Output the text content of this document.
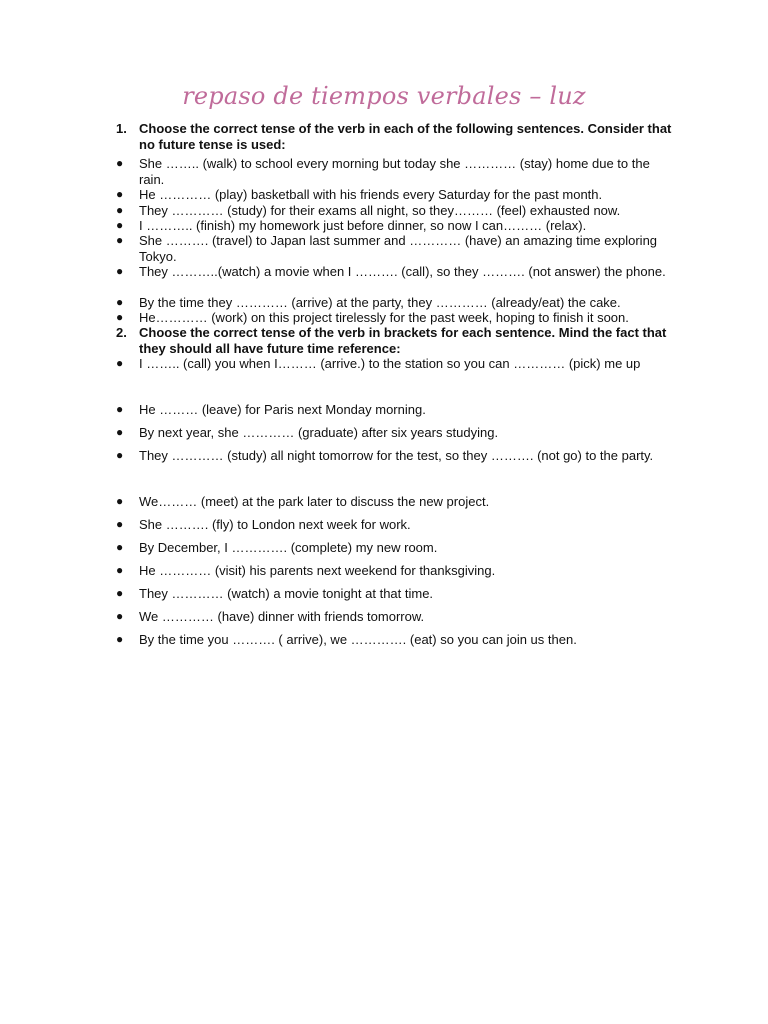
repaso de tiempos verbales – luz
1. Choose the correct tense of the verb in each of the following sentences. Consider that no future tense is used:
● She …….. (walk) to school every morning but today she ………… (stay) home due to the rain.
● He ………… (play) basketball with his friends every Saturday for the past month.
● They ………… (study) for their exams all night, so they……… (feel) exhausted now.
● I ……….. (finish) my homework just before dinner, so now I can……… (relax).
● She ………. (travel) to Japan last summer and ………… (have) an amazing time exploring Tokyo.
● They ………..(watch) a movie when I ………. (call), so they ………. (not answer) the phone.
● By the time they ………… (arrive) at the party, they ………… (already/eat) the cake.
● He………… (work) on this project tirelessly for the past week, hoping to finish it soon.
2. Choose the correct tense of the verb in brackets for each sentence. Mind the fact that they should all have future time reference:
● I …….. (call) you when I……… (arrive.) to the station so you can ………… (pick) me up
● He ……… (leave) for Paris next Monday morning.
● By next year, she ………… (graduate) after six years studying.
● They ………… (study) all night tomorrow for the test, so they ………. (not go) to the party.
● We……… (meet) at the park later to discuss the new project.
● She ………. (fly) to London next week for work.
● By December, I …………. (complete) my new room.
● He ………… (visit) his parents next weekend for thanksgiving.
● They ………… (watch) a movie tonight at that time.
● We ………… (have) dinner with friends tomorrow.
● By the time you ………. ( arrive), we …………. (eat) so you can join us then.
